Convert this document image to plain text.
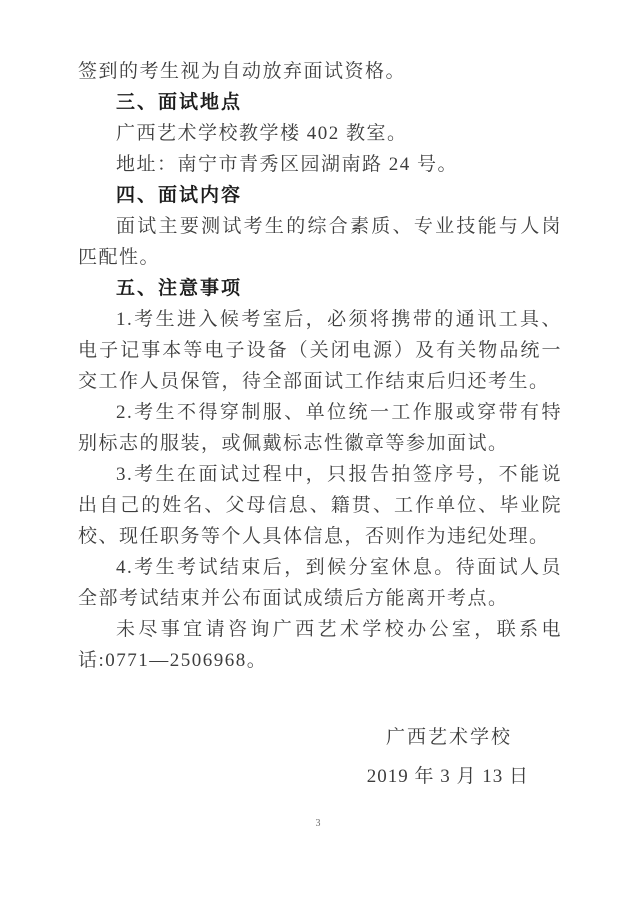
签到的考生视为自动放弃面试资格。

三、面试地点

广西艺术学校教学楼 402 教室。

地址：南宁市青秀区园湖南路 24 号。

四、面试内容

面试主要测试考生的综合素质、专业技能与人岗匹配性。

五、注意事项

1.考生进入候考室后，必须将携带的通讯工具、电子记事本等电子设备（关闭电源）及有关物品统一交工作人员保管，待全部面试工作结束后归还考生。

2.考生不得穿制服、单位统一工作服或穿带有特别标志的服装，或佩戴标志性徽章等参加面试。

3.考生在面试过程中，只报告拍签序号，不能说出自己的姓名、父母信息、籍贯、工作单位、毕业院校、现任职务等个人具体信息，否则作为违纪处理。

4.考生考试结束后，到候分室休息。待面试人员全部考试结束并公布面试成绩后方能离开考点。

未尽事宜请咨询广西艺术学校办公室，联系电话:0771—2506968。

广西艺术学校
2019 年 3 月 13 日
3
